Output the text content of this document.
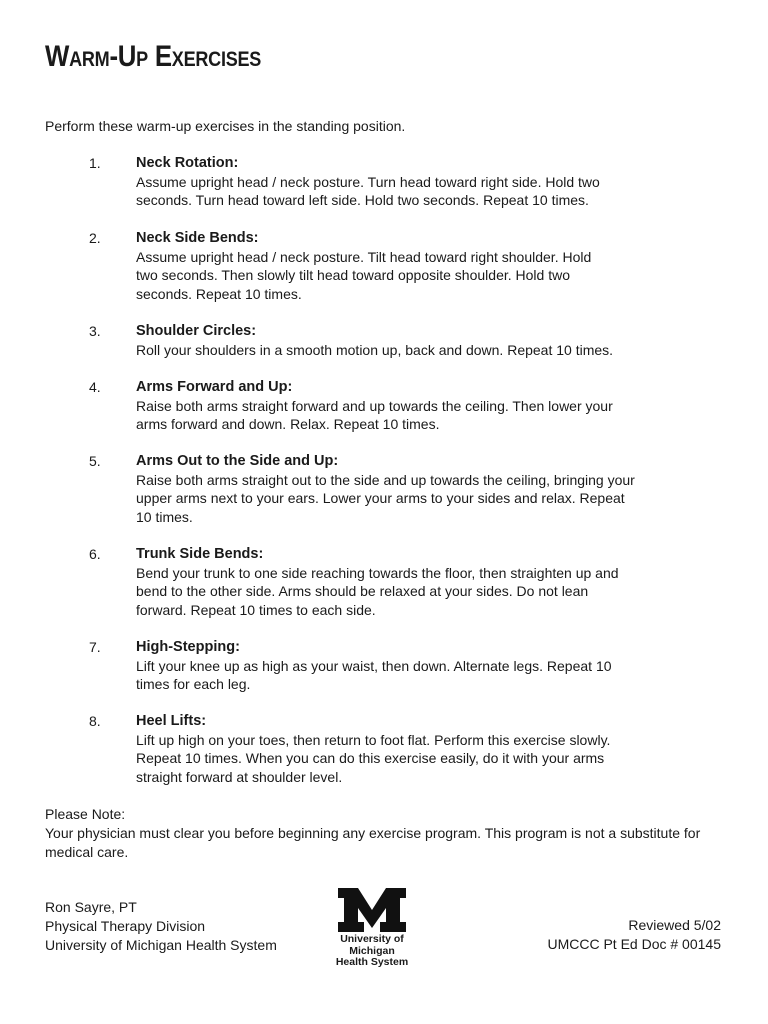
Warm-Up Exercises
Perform these warm-up exercises in the standing position.
1. Neck Rotation:
Assume upright head / neck posture. Turn head toward right side. Hold two
seconds. Turn head toward left side. Hold two seconds. Repeat 10 times.
2. Neck Side Bends:
Assume upright head / neck posture. Tilt head toward right shoulder. Hold
two seconds. Then slowly tilt head toward opposite shoulder. Hold two
seconds. Repeat 10 times.
3. Shoulder Circles:
Roll your shoulders in a smooth motion up, back and down. Repeat 10 times.
4. Arms Forward and Up:
Raise both arms straight forward and up towards the ceiling. Then lower your
arms forward and down. Relax. Repeat 10 times.
5. Arms Out to the Side and Up:
Raise both arms straight out to the side and up towards the ceiling, bringing your
upper arms next to your ears. Lower your arms to your sides and relax. Repeat
10 times.
6. Trunk Side Bends:
Bend your trunk to one side reaching towards the floor, then straighten up and
bend to the other side. Arms should be relaxed at your sides. Do not lean
forward. Repeat 10 times to each side.
7. High-Stepping:
Lift your knee up as high as your waist, then down. Alternate legs. Repeat 10
times for each leg.
8. Heel Lifts:
Lift up high on your toes, then return to foot flat. Perform this exercise slowly.
Repeat 10 times. When you can do this exercise easily, do it with your arms
straight forward at shoulder level.
Please Note:
Your physician must clear you before beginning any exercise program. This program is not a substitute for
medical care.
Ron Sayre, PT
Physical Therapy Division
University of Michigan Health System	University of Michigan
Health System
Reviewed 5/02
UMCCC Pt Ed Doc # 00145
